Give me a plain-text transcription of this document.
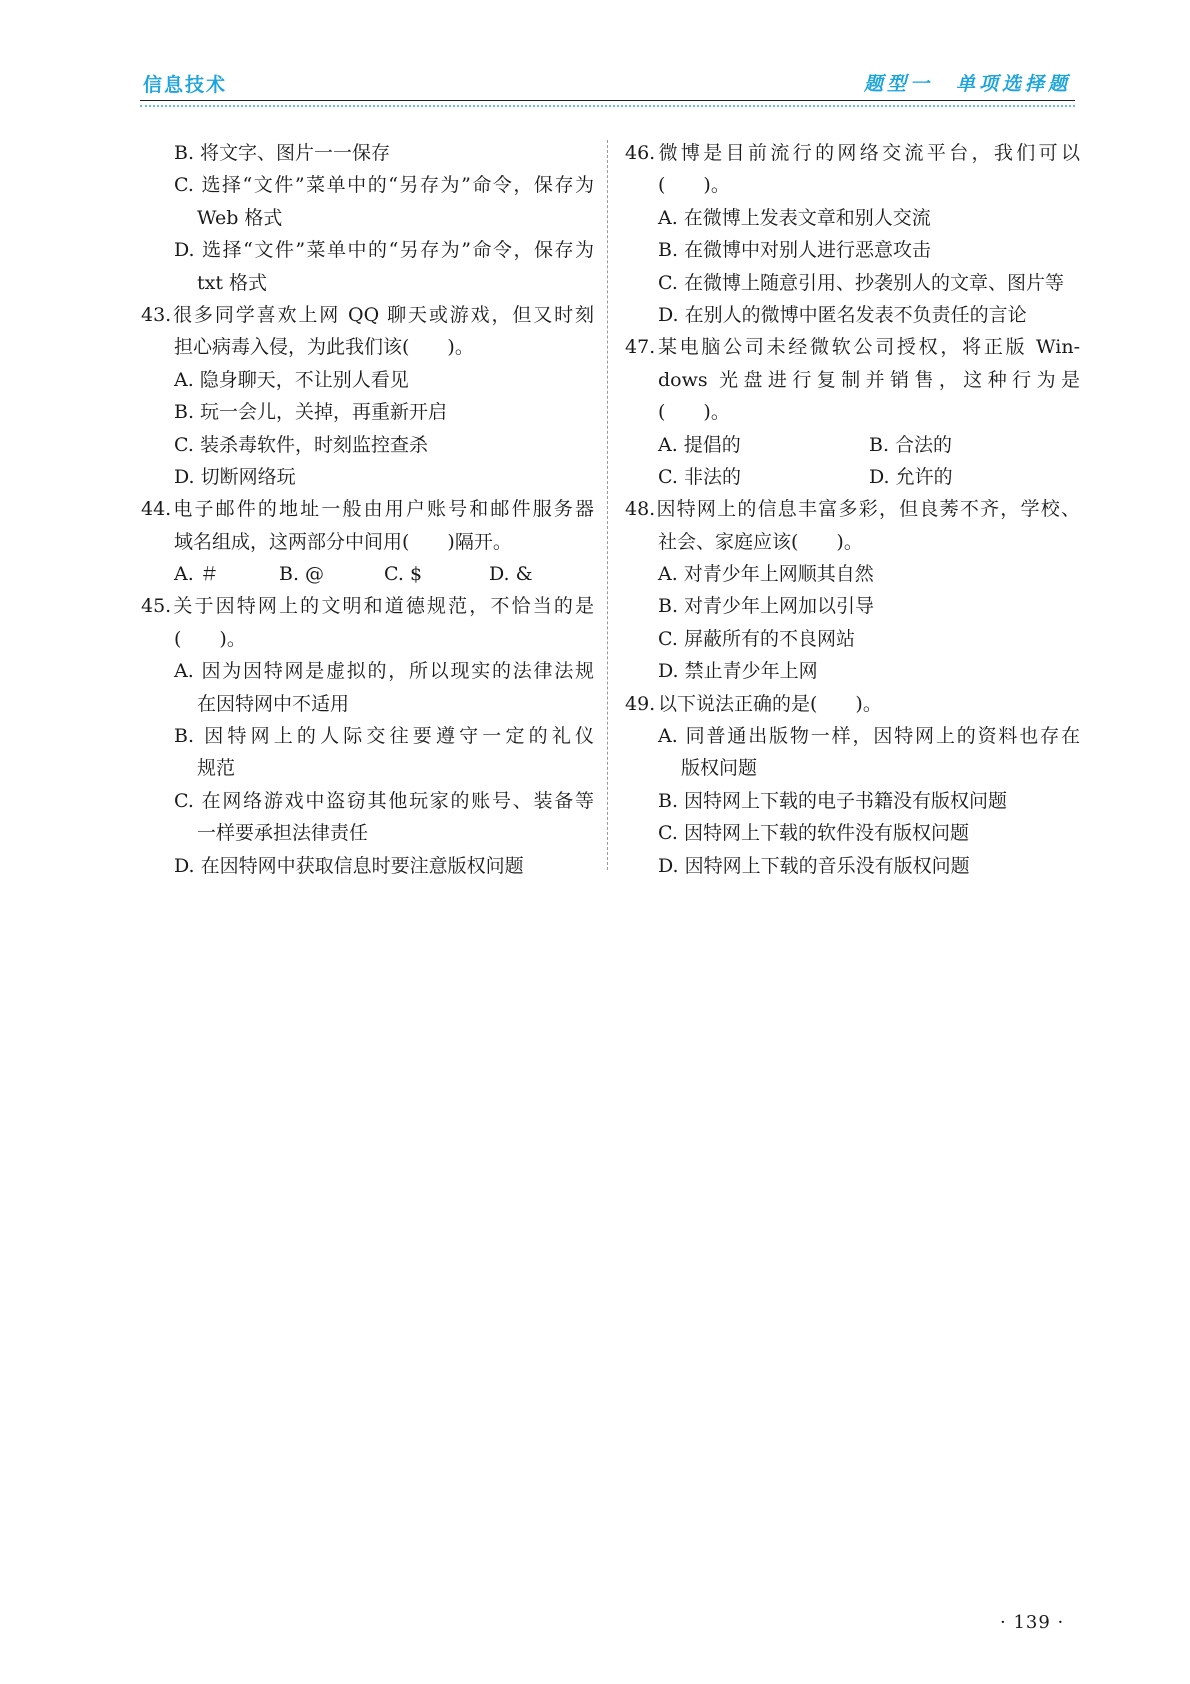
信息技术	题型一　单项选择题
B. 将文字、图片一一保存
C. 选择“文件”菜单中的“另存为”命令，保存为
Web 格式
D. 选择“文件”菜单中的“另存为”命令，保存为
txt 格式
43.很多同学喜欢上网 QQ 聊天或游戏，但又时刻
担心病毒入侵，为此我们该(　　)。
A. 隐身聊天，不让别人看见
B. 玩一会儿，关掉，再重新开启
C. 装杀毒软件，时刻监控查杀
D. 切断网络玩
44.电子邮件的地址一般由用户账号和邮件服务器
域名组成，这两部分中间用(　　)隔开。
A. ＃	B. @	C. $	D. &
45.关于因特网上的文明和道德规范，不恰当的是
(　　)。
A. 因为因特网是虚拟的，所以现实的法律法规
在因特网中不适用
B. 因特网上的人际交往要遵守一定的礼仪
规范
C. 在网络游戏中盗窃其他玩家的账号、装备等
一样要承担法律责任
D. 在因特网中获取信息时要注意版权问题
46.微博是目前流行的网络交流平台，我们可以
(　　)。
A. 在微博上发表文章和别人交流
B. 在微博中对别人进行恶意攻击
C. 在微博上随意引用、抄袭别人的文章、图片等
D. 在别人的微博中匿名发表不负责任的言论
47.某电脑公司未经微软公司授权，将正版 Win-
dows 光盘进行复制并销售，这种行为是
(　　)。
A. 提倡的	B. 合法的
C. 非法的	D. 允许的
48.因特网上的信息丰富多彩，但良莠不齐，学校、
社会、家庭应该(　　)。
A. 对青少年上网顺其自然
B. 对青少年上网加以引导
C. 屏蔽所有的不良网站
D. 禁止青少年上网
49. 以下说法正确的是(　　)。
A. 同普通出版物一样，因特网上的资料也存在
版权问题
B. 因特网上下载的电子书籍没有版权问题
C. 因特网上下载的软件没有版权问题
D. 因特网上下载的音乐没有版权问题
· 139 ·
